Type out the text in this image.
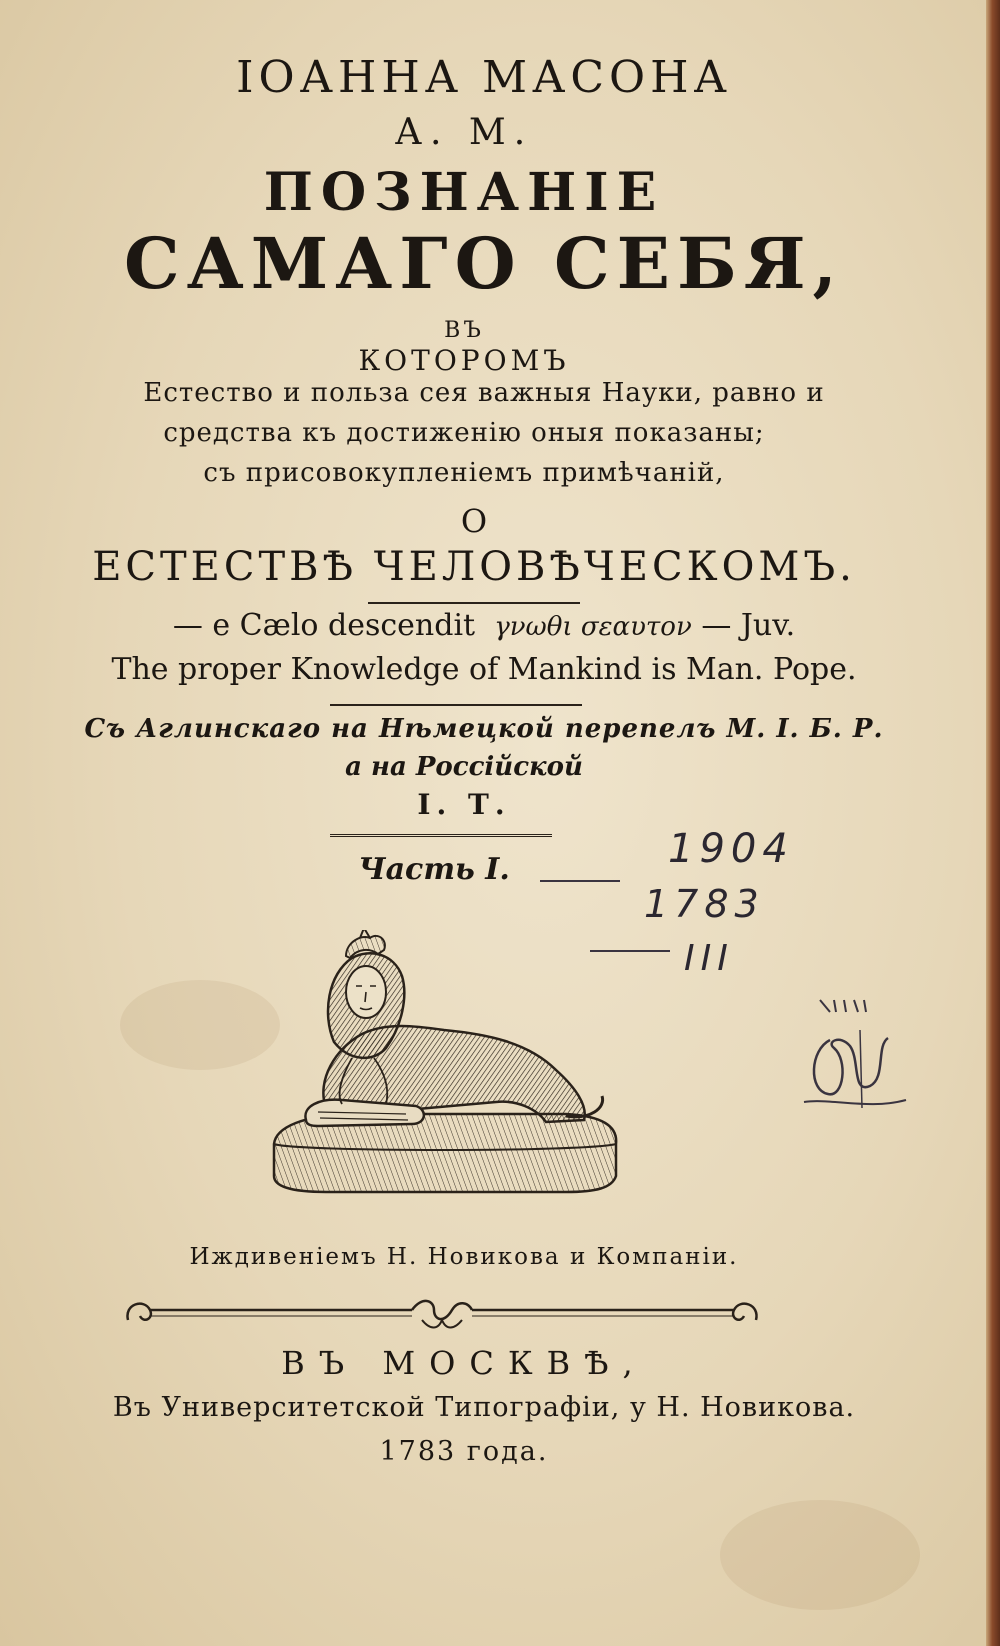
ІОАННА МАСОНА

А. М.

ПОЗНАНІЕ

САМАГО СЕБЯ,

ВЪ

КОТОРОМЪ

Естество и польза сея важныя Науки, равно и

средства къ достиженію оныя показаны;

съ присовокупленіемъ примѣчаній,

О

ЕСТЕСТВѢ ЧЕЛОВѢЧЕСКОМЪ.

— e Cælo descendit γνωθι σεαυτον — Juv.

The proper Knowledge of Mankind is Man. Pope.

Съ Аглинскаго на Нѣмецкой перепелъ М. І. Б. Р.

а на Россійской

І. Т.

Часть І.	1904
1783
III

Иждивеніемъ Н. Новикова и Компаніи.

ВЪ МОСКВѢ,

Въ Университетской Типографіи, у Н. Новикова.

1783 года.
